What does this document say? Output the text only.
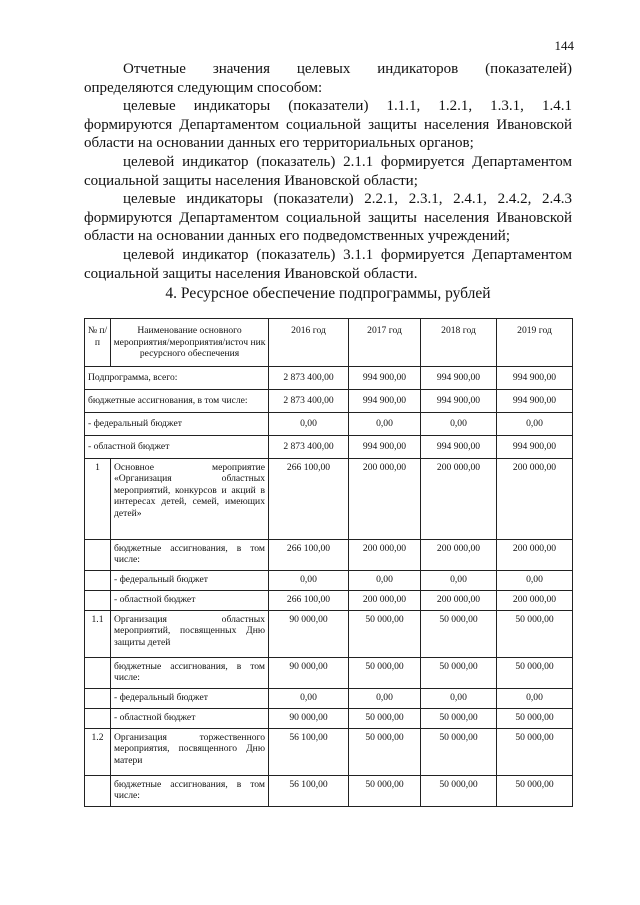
144

Отчетные значения целевых индикаторов (показателей) определяются следующим способом:

целевые индикаторы (показатели) 1.1.1, 1.2.1, 1.3.1, 1.4.1 формируются Департаментом социальной защиты населения Ивановской области на основании данных его территориальных органов;

целевой индикатор (показатель) 2.1.1 формируется Департаментом социальной защиты населения Ивановской области;

целевые индикаторы (показатели) 2.2.1, 2.3.1, 2.4.1, 2.4.2, 2.4.3 формируются Департаментом социальной защиты населения Ивановской области на основании данных его подведомственных учреждений;

целевой индикатор (показатель) 3.1.1 формируется Департаментом социальной защиты населения Ивановской области.

4. Ресурсное обеспечение подпрограммы, рублей
№ п/п	Наименование основного мероприятия/мероприятия/источ ник ресурсного обеспечения	2016 год	2017 год	2018 год	2019 год
Подпрограмма, всего:		2 873 400,00	994 900,00	994 900,00	994 900,00
бюджетные ассигнования, в том числе:		2 873 400,00	994 900,00	994 900,00	994 900,00
- федеральный бюджет		0,00	0,00	0,00	0,00
- областной бюджет		2 873 400,00	994 900,00	994 900,00	994 900,00
1	Основное мероприятие «Организация областных мероприятий, конкурсов и акций в интересах детей, семей, имеющих детей»	266 100,00	200 000,00	200 000,00	200 000,00
	бюджетные ассигнования, в том числе:	266 100,00	200 000,00	200 000,00	200 000,00
	- федеральный бюджет	0,00	0,00	0,00	0,00
	- областной бюджет	266 100,00	200 000,00	200 000,00	200 000,00
1.1	Организация областных мероприятий, посвященных Дню защиты детей	90 000,00	50 000,00	50 000,00	50 000,00
	бюджетные ассигнования, в том числе:	90 000,00	50 000,00	50 000,00	50 000,00
	- федеральный бюджет	0,00	0,00	0,00	0,00
	- областной бюджет	90 000,00	50 000,00	50 000,00	50 000,00
1.2	Организация торжественного мероприятия, посвященного Дню матери	56 100,00	50 000,00	50 000,00	50 000,00
	бюджетные ассигнования, в том числе:	56 100,00	50 000,00	50 000,00	50 000,00
